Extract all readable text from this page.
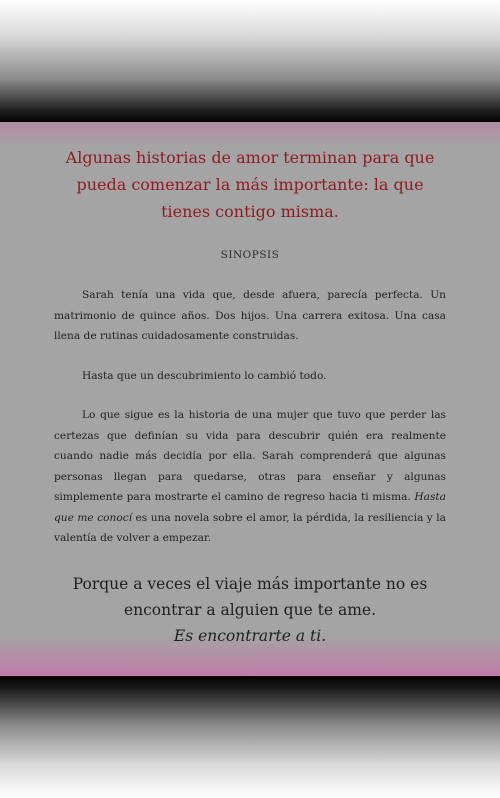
Algunas historias de amor terminan para que pueda comenzar la más importante: la que tienes contigo misma.
SINOPSIS

Sarah tenía una vida que, desde afuera, parecía perfecta. Un matrimonio de quince años. Dos hijos. Una carrera exitosa. Una casa llena de rutinas cuidadosamente construidas.

Hasta que un descubrimiento lo cambió todo.

Lo que sigue es la historia de una mujer que tuvo que perder las certezas que definían su vida para descubrir quién era realmente cuando nadie más decidía por ella. Sarah comprenderá que algunas personas llegan para quedarse, otras para enseñar y algunas simplemente para mostrarte el camino de regreso hacia ti misma. Hasta que me conocí es una novela sobre el amor, la pérdida, la resiliencia y la valentía de volver a empezar.

Porque a veces el viaje más importante no es
encontrar a alguien que te ame.
Es encontrarte a ti.
